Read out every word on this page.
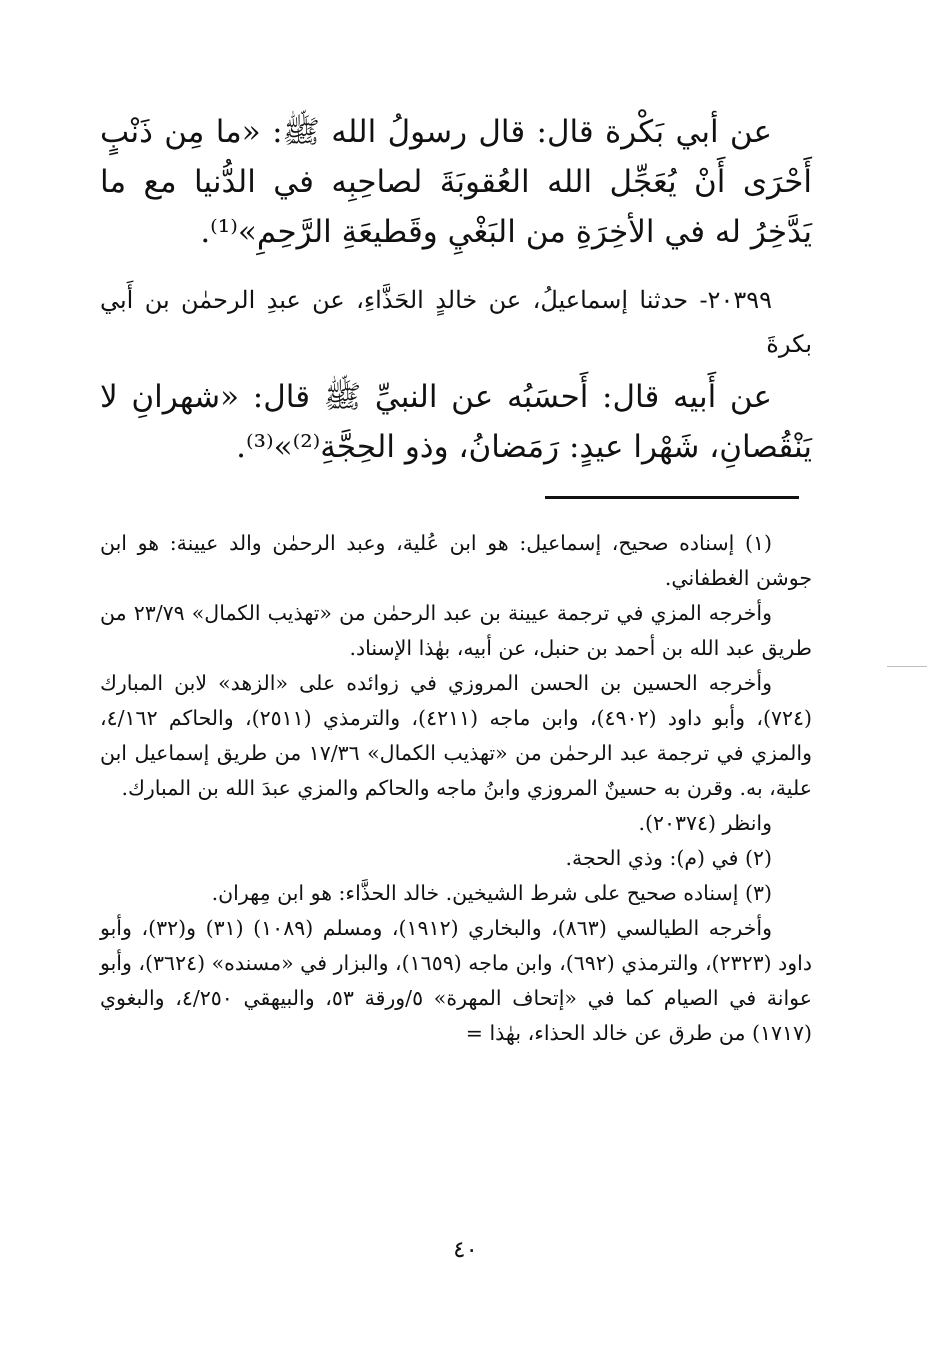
عن أبي بَكْرة قال: قال رسولُ الله ﷺ: «ما مِن ذَنْبٍ أَحْرَى أَنْ يُعَجِّل الله العُقوبَةَ لصاحِبِه في الدُّنيا مع ما يَدَّخِرُ له في الأخِرَةِ من البَغْيِ وقَطيعَةِ الرَّحِمِ»⁽¹⁾.

٢٠٣٩٩- حدثنا إسماعيلُ، عن خالدٍ الحَذَّاءِ، عن عبدِ الرحمٰن بن أَبي بكرةَ

عن أَبيه قال: أَحسَبُه عن النبيِّ ﷺ قال: «شهرانِ لا يَنْقُصانِ، شَهْرا عيدٍ: رَمَضانُ، وذو الحِجَّةِ⁽²⁾»⁽³⁾.

(١) إسناده صحيح، إسماعيل: هو ابن عُلية، وعبد الرحمٰن والد عيينة: هو ابن جوشن الغطفاني.

وأخرجه المزي في ترجمة عيينة بن عبد الرحمٰن من «تهذيب الكمال» ٢٣/٧٩ من طريق عبد الله بن أحمد بن حنبل، عن أبيه، بهٰذا الإسناد.

وأخرجه الحسين بن الحسن المروزي في زوائده على «الزهد» لابن المبارك (٧٢٤)، وأبو داود (٤٩٠٢)، وابن ماجه (٤٢١١)، والترمذي (٢٥١١)، والحاكم ٤/١٦٢، والمزي في ترجمة عبد الرحمٰن من «تهذيب الكمال» ١٧/٣٦ من طريق إسماعيل ابن علية، به. وقرن به حسينٌ المروزي وابنُ ماجه والحاكم والمزي عبدَ الله بن المبارك.

وانظر (٢٠٣٧٤).

(٢) في (م): وذي الحجة.

(٣) إسناده صحيح على شرط الشيخين. خالد الحذَّاء: هو ابن مِهران.

وأخرجه الطيالسي (٨٦٣)، والبخاري (١٩١٢)، ومسلم (١٠٨٩) (٣١) و(٣٢)، وأبو داود (٢٣٢٣)، والترمذي (٦٩٢)، وابن ماجه (١٦٥٩)، والبزار في «مسنده» (٣٦٢٤)، وأبو عوانة في الصيام كما في «إتحاف المهرة» ٥/ورقة ٥٣، والبيهقي ٤/٢٥٠، والبغوي (١٧١٧) من طرق عن خالد الحذاء، بهٰذا =

٤٠
